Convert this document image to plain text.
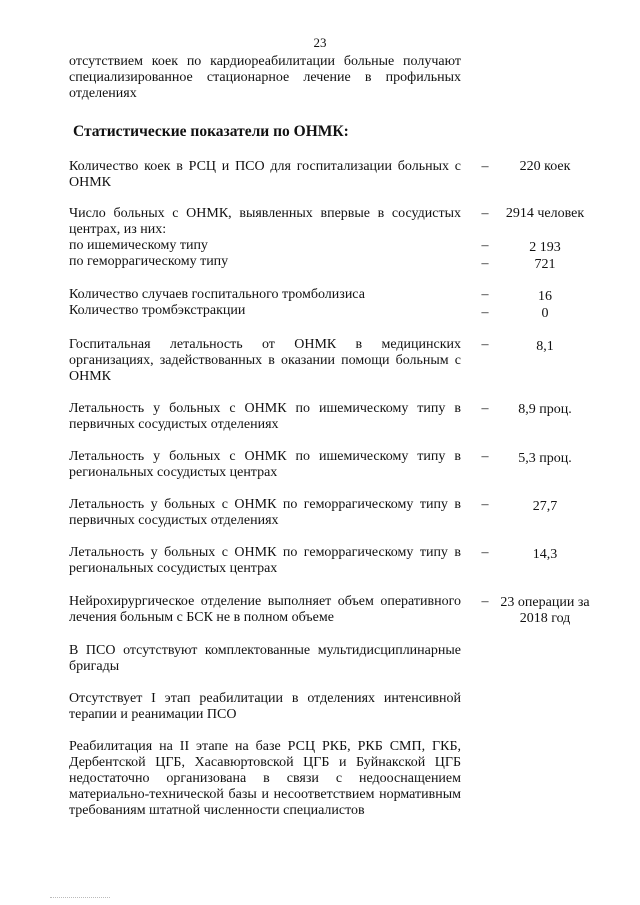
23
отсутствием коек по кардиореабилитации больные получают специализированное стационарное лечение в профильных отделениях
Статистические показатели по ОНМК:
Количество коек в РСЦ и ПСО для госпитализации больных с ОНМК
–	220 коек
Число больных с ОНМК, выявленных впервые в сосудистых центрах, из них:
–	2914 человек
по ишемическому типу	–	2 193
по геморрагическому типу	–	721
Количество случаев госпитального тромболизиса	–	16
Количество тромбэкстракции	–	0
Госпитальная летальность от ОНМК в медицинских организациях, задействованных в оказании помощи больным с ОНМК
–	8,1
Летальность у больных с ОНМК по ишемическому типу в первичных сосудистых отделениях
–	8,9 проц.
Летальность у больных с ОНМК по ишемическому типу в региональных сосудистых центрах
–	5,3 проц.
Летальность у больных с ОНМК по геморрагическому типу в первичных сосудистых отделениях
–	27,7
Летальность у больных с ОНМК по геморрагическому типу в региональных сосудистых центрах
–	14,3
Нейрохирургическое отделение выполняет объем оперативного лечения больным с БСК не в полном объеме
– 23 операции за 2018 год
В ПСО отсутствуют комплектованные мультидисциплинарные бригады
Отсутствует I этап реабилитации в отделениях интенсивной терапии и реанимации ПСО
Реабилитация на II этапе на базе РСЦ РКБ, РКБ СМП, ГКБ, Дербентской ЦГБ, Хасавюртовской ЦГБ и Буйнакской ЦГБ недостаточно организована в связи с недооснащением материально-технической базы и несоответствием нормативным требованиям штатной численности специалистов
